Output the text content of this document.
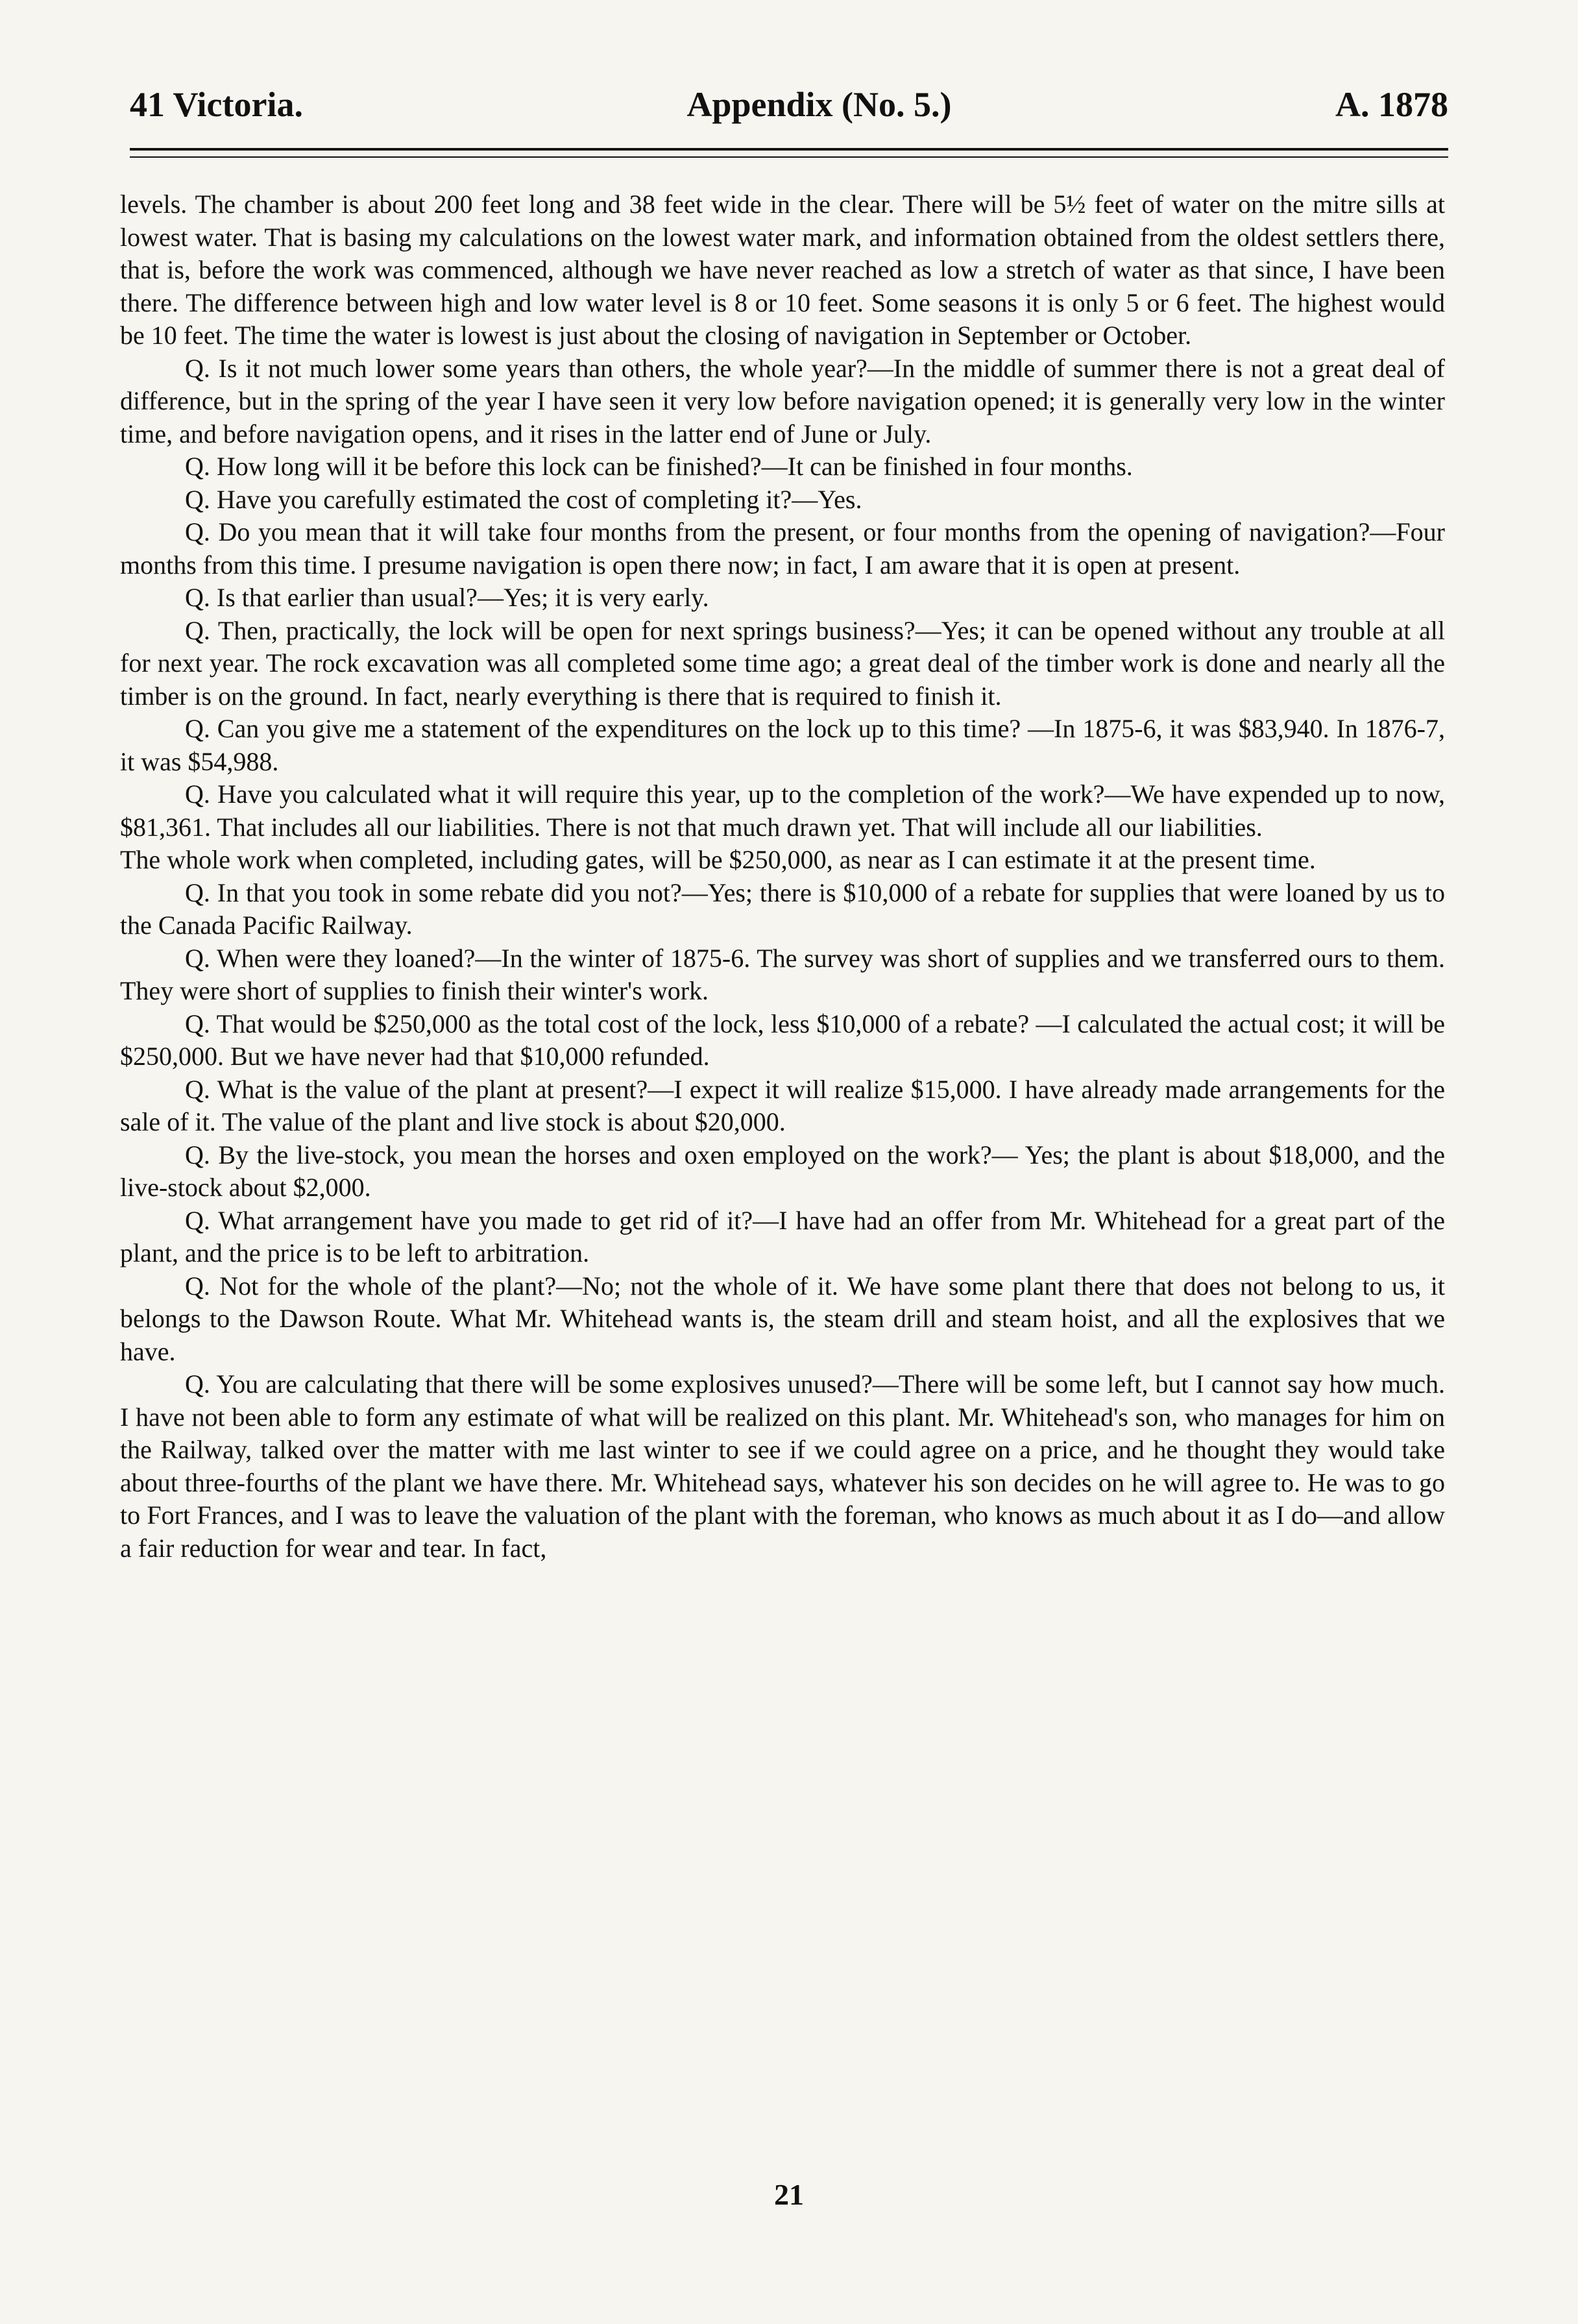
41 Victoria.	Appendix (No. 5.)	A. 1878

levels. The chamber is about 200 feet long and 38 feet wide in the clear. There will be 5½ feet of water on the mitre sills at lowest water. That is basing my calculations on the lowest water mark, and information obtained from the oldest settlers there, that is, before the work was commenced, although we have never reached as low a stretch of water as that since, I have been there. The difference between high and low water level is 8 or 10 feet. Some seasons it is only 5 or 6 feet. The highest would be 10 feet. The time the water is lowest is just about the closing of navigation in September or October.

Q. Is it not much lower some years than others, the whole year?—In the middle of summer there is not a great deal of difference, but in the spring of the year I have seen it very low before navigation opened; it is generally very low in the winter time, and before navigation opens, and it rises in the latter end of June or July.

Q. How long will it be before this lock can be finished?—It can be finished in four months.

Q. Have you carefully estimated the cost of completing it?—Yes.

Q. Do you mean that it will take four months from the present, or four months from the opening of navigation?—Four months from this time. I presume navigation is open there now; in fact, I am aware that it is open at present.

Q. Is that earlier than usual?—Yes; it is very early.

Q. Then, practically, the lock will be open for next springs business?—Yes; it can be opened without any trouble at all for next year. The rock excavation was all completed some time ago; a great deal of the timber work is done and nearly all the timber is on the ground. In fact, nearly everything is there that is required to finish it.

Q. Can you give me a statement of the expenditures on the lock up to this time? —In 1875-6, it was $83,940. In 1876-7, it was $54,988.

Q. Have you calculated what it will require this year, up to the completion of the work?—We have expended up to now, $81,361. That includes all our liabilities. There is not that much drawn yet. That will include all our liabilities.

The whole work when completed, including gates, will be $250,000, as near as I can estimate it at the present time.

Q. In that you took in some rebate did you not?—Yes; there is $10,000 of a rebate for supplies that were loaned by us to the Canada Pacific Railway.

Q. When were they loaned?—In the winter of 1875-6. The survey was short of supplies and we transferred ours to them. They were short of supplies to finish their winter's work.

Q. That would be $250,000 as the total cost of the lock, less $10,000 of a rebate? —I calculated the actual cost; it will be $250,000. But we have never had that $10,000 refunded.

Q. What is the value of the plant at present?—I expect it will realize $15,000. I have already made arrangements for the sale of it. The value of the plant and live stock is about $20,000.

Q. By the live-stock, you mean the horses and oxen employed on the work?— Yes; the plant is about $18,000, and the live-stock about $2,000.

Q. What arrangement have you made to get rid of it?—I have had an offer from Mr. Whitehead for a great part of the plant, and the price is to be left to arbitration.

Q. Not for the whole of the plant?—No; not the whole of it. We have some plant there that does not belong to us, it belongs to the Dawson Route. What Mr. Whitehead wants is, the steam drill and steam hoist, and all the explosives that we have.

Q. You are calculating that there will be some explosives unused?—There will be some left, but I cannot say how much. I have not been able to form any estimate of what will be realized on this plant. Mr. Whitehead's son, who manages for him on the Railway, talked over the matter with me last winter to see if we could agree on a price, and he thought they would take about three-fourths of the plant we have there. Mr. Whitehead says, whatever his son decides on he will agree to. He was to go to Fort Frances, and I was to leave the valuation of the plant with the foreman, who knows as much about it as I do—and allow a fair reduction for wear and tear. In fact,

21
